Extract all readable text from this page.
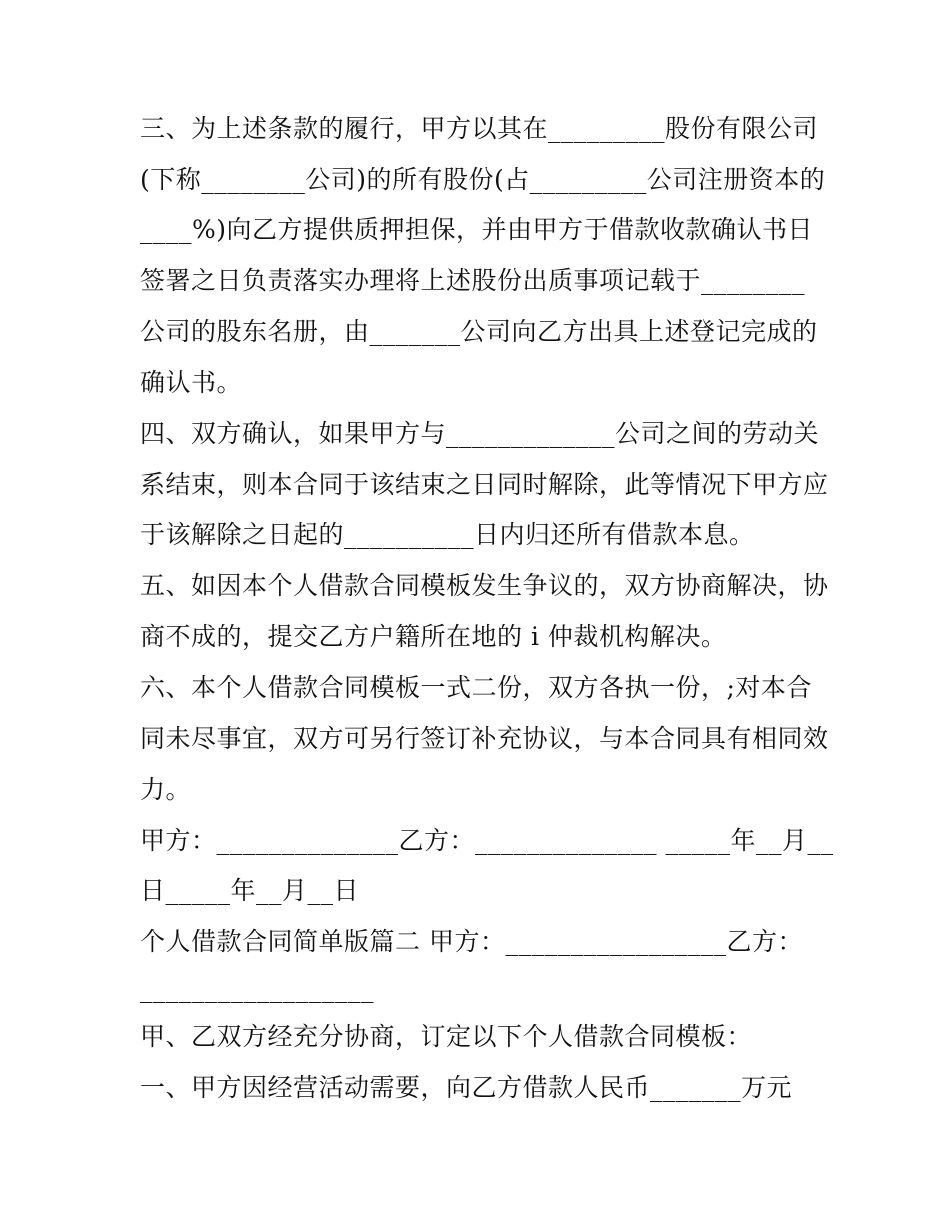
三、为上述条款的履行，甲方以其在_________股份有限公司
(下称________公司)的所有股份(占_________公司注册资本的
____%)向乙方提供质押担保，并由甲方于借款收款确认书日
签署之日负责落实办理将上述股份出质事项记载于________
公司的股东名册，由_______公司向乙方出具上述登记完成的
确认书。
四、双方确认，如果甲方与_____________公司之间的劳动关
系结束，则本合同于该结束之日同时解除，此等情况下甲方应
于该解除之日起的__________日内归还所有借款本息。
五、如因本个人借款合同模板发生争议的，双方协商解决，协
商不成的，提交乙方户籍所在地的 i 仲裁机构解决。
六、本个人借款合同模板一式二份，双方各执一份，;对本合
同未尽事宜，双方可另行签订补充协议，与本合同具有相同效
力。
甲方：______________乙方：______________ _____年__月__
日_____年__月__日
个人借款合同简单版篇二 甲方：_________________乙方：
__________________
甲、乙双方经充分协商，订定以下个人借款合同模板：
一、甲方因经营活动需要，向乙方借款人民币_______万元
